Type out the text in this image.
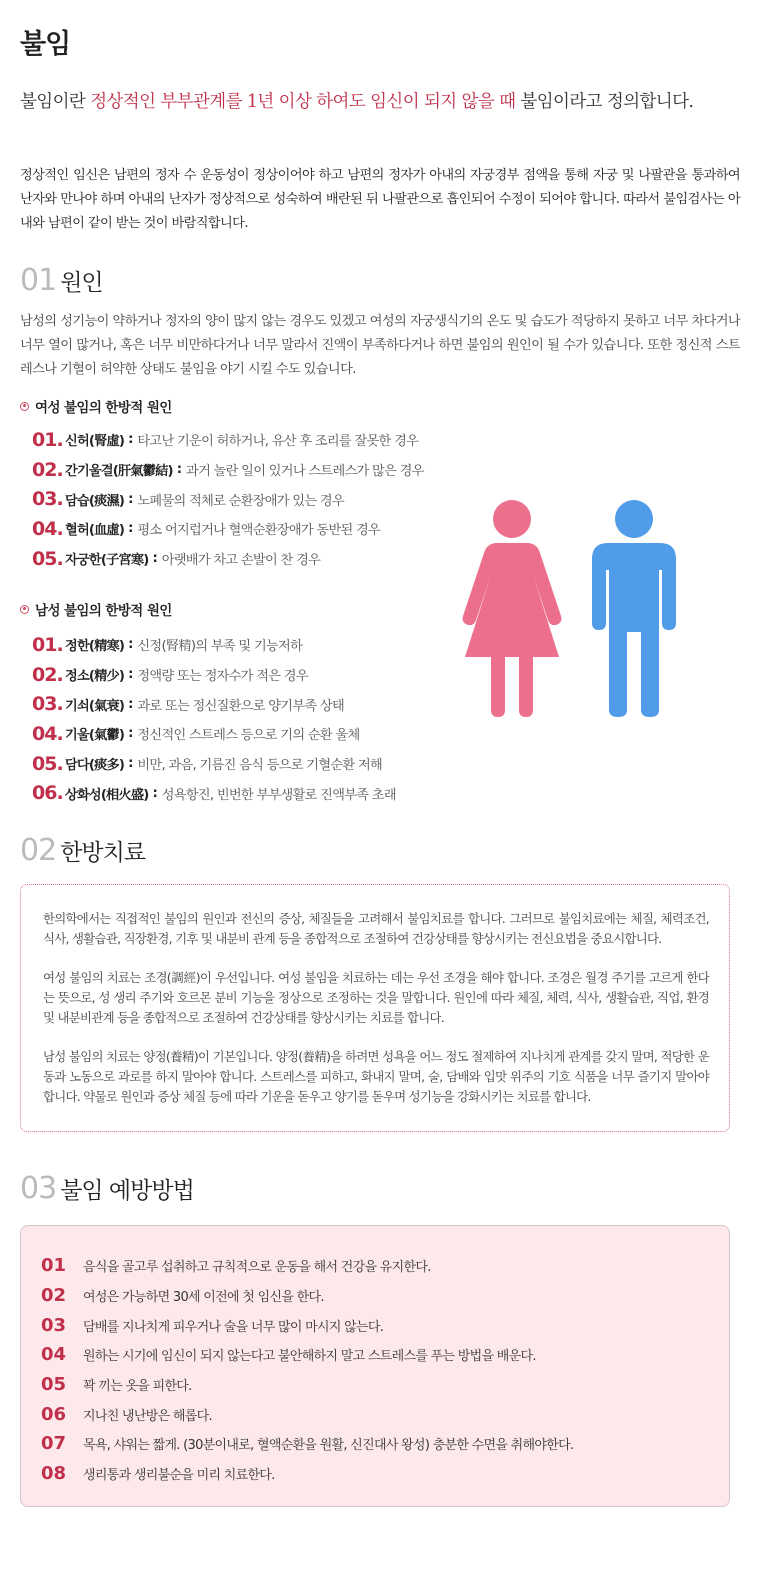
불임

불임이란 정상적인 부부관계를 1년 이상 하여도 임신이 되지 않을 때 불임이라고 정의합니다.

정상적인 임신은 남편의 정자 수 운동성이 정상이어야 하고 남편의 정자가 아내의 자궁경부 점액을 통해 자궁 및 나팔관을 통과하여 난자와 만나야 하며 아내의 난자가 정상적으로 성숙하여 배란된 뒤 나팔관으로 흡인되어 수정이 되어야 합니다. 따라서 불임검사는 아내와 남편이 같이 받는 것이 바람직합니다.

01 원인

남성의 성기능이 약하거나 정자의 양이 많지 않는 경우도 있겠고 여성의 자궁생식기의 온도 및 습도가 적당하지 못하고 너무 차다거나 너무 열이 많거나, 혹은 너무 비만하다거나 너무 말라서 진액이 부족하다거나 하면 불임의 원인이 될 수가 있습니다. 또한 정신적 스트레스나 기혈이 허약한 상태도 불임을 야기 시킬 수도 있습니다.

여성 불임의 한방적 원인
01. 신허(腎虛) : 타고난 기운이 허하거나, 유산 후 조리를 잘못한 경우
02. 간기울결(肝氣鬱結) : 과거 놀란 일이 있거나 스트레스가 많은 경우
03. 담습(痰濕) : 노폐물의 적체로 순환장애가 있는 경우
04. 혈허(血虛) : 평소 어지럽거나 혈액순환장애가 동반된 경우
05. 자궁한(子宮寒) : 아랫배가 차고 손발이 찬 경우
남성 불임의 한방적 원인
01. 정한(精寒) : 신정(腎精)의 부족 및 기능저하
02. 정소(精少) : 정액량 또는 정자수가 적은 경우
03. 기쇠(氣衰) : 과로 또는 정신질환으로 양기부족 상태
04. 기울(氣鬱) : 정신적인 스트레스 등으로 기의 순환 울체
05. 담다(痰多) : 비만, 과음, 기름진 음식 등으로 기혈순환 저해
06. 상화성(相火盛) : 성욕항진, 빈번한 부부생활로 진액부족 초래
02 한방치료

한의학에서는 직접적인 불임의 원인과 전신의 증상, 체질들을 고려해서 불임치료를 합니다. 그러므로 불임치료에는 체질, 체력조건, 식사, 생활습관, 직장환경, 기후 및 내분비 관계 등을 종합적으로 조절하여 건강상태를 향상시키는 전신요법을 중요시합니다.

여성 불임의 치료는 조경(調經)이 우선입니다. 여성 불임을 치료하는 데는 우선 조경을 해야 합니다. 조경은 월경 주기를 고르게 한다는 뜻으로, 성 생리 주기와 호르몬 분비 기능을 정상으로 조정하는 것을 말합니다. 원인에 따라 체질, 체력, 식사, 생활습관, 직업, 환경 및 내분비관계 등을 종합적으로 조절하여 건강상태를 향상시키는 치료를 합니다.

남성 불임의 치료는 양정(養精)이 기본입니다. 양정(養精)을 하려면 성욕을 어느 정도 절제하여 지나치게 관계를 갖지 말며, 적당한 운동과 노동으로 과로를 하지 말아야 합니다. 스트레스를 피하고, 화내지 말며, 술, 담배와 입맛 위주의 기호 식품을 너무 즐기지 말아야 합니다. 약물로 원인과 증상 체질 등에 따라 기운을 돋우고 양기를 돋우며 성기능을 강화시키는 치료를 합니다.

03 불임 예방방법
01	음식을 골고루 섭취하고 규칙적으로 운동을 해서 건강을 유지한다.
02	여성은 가능하면 30세 이전에 첫 임신을 한다.
03	담배를 지나치게 피우거나 술을 너무 많이 마시지 않는다.
04	원하는 시기에 임신이 되지 않는다고 불안해하지 말고 스트레스를 푸는 방법을 배운다.
05	꽉 끼는 옷을 피한다.
06	지나친 냉난방은 해롭다.
07	목욕, 샤워는 짧게. (30분이내로, 혈액순환을 원활, 신진대사 왕성) 충분한 수면을 취해야한다.
08	생리통과 생리불순을 미리 치료한다.
